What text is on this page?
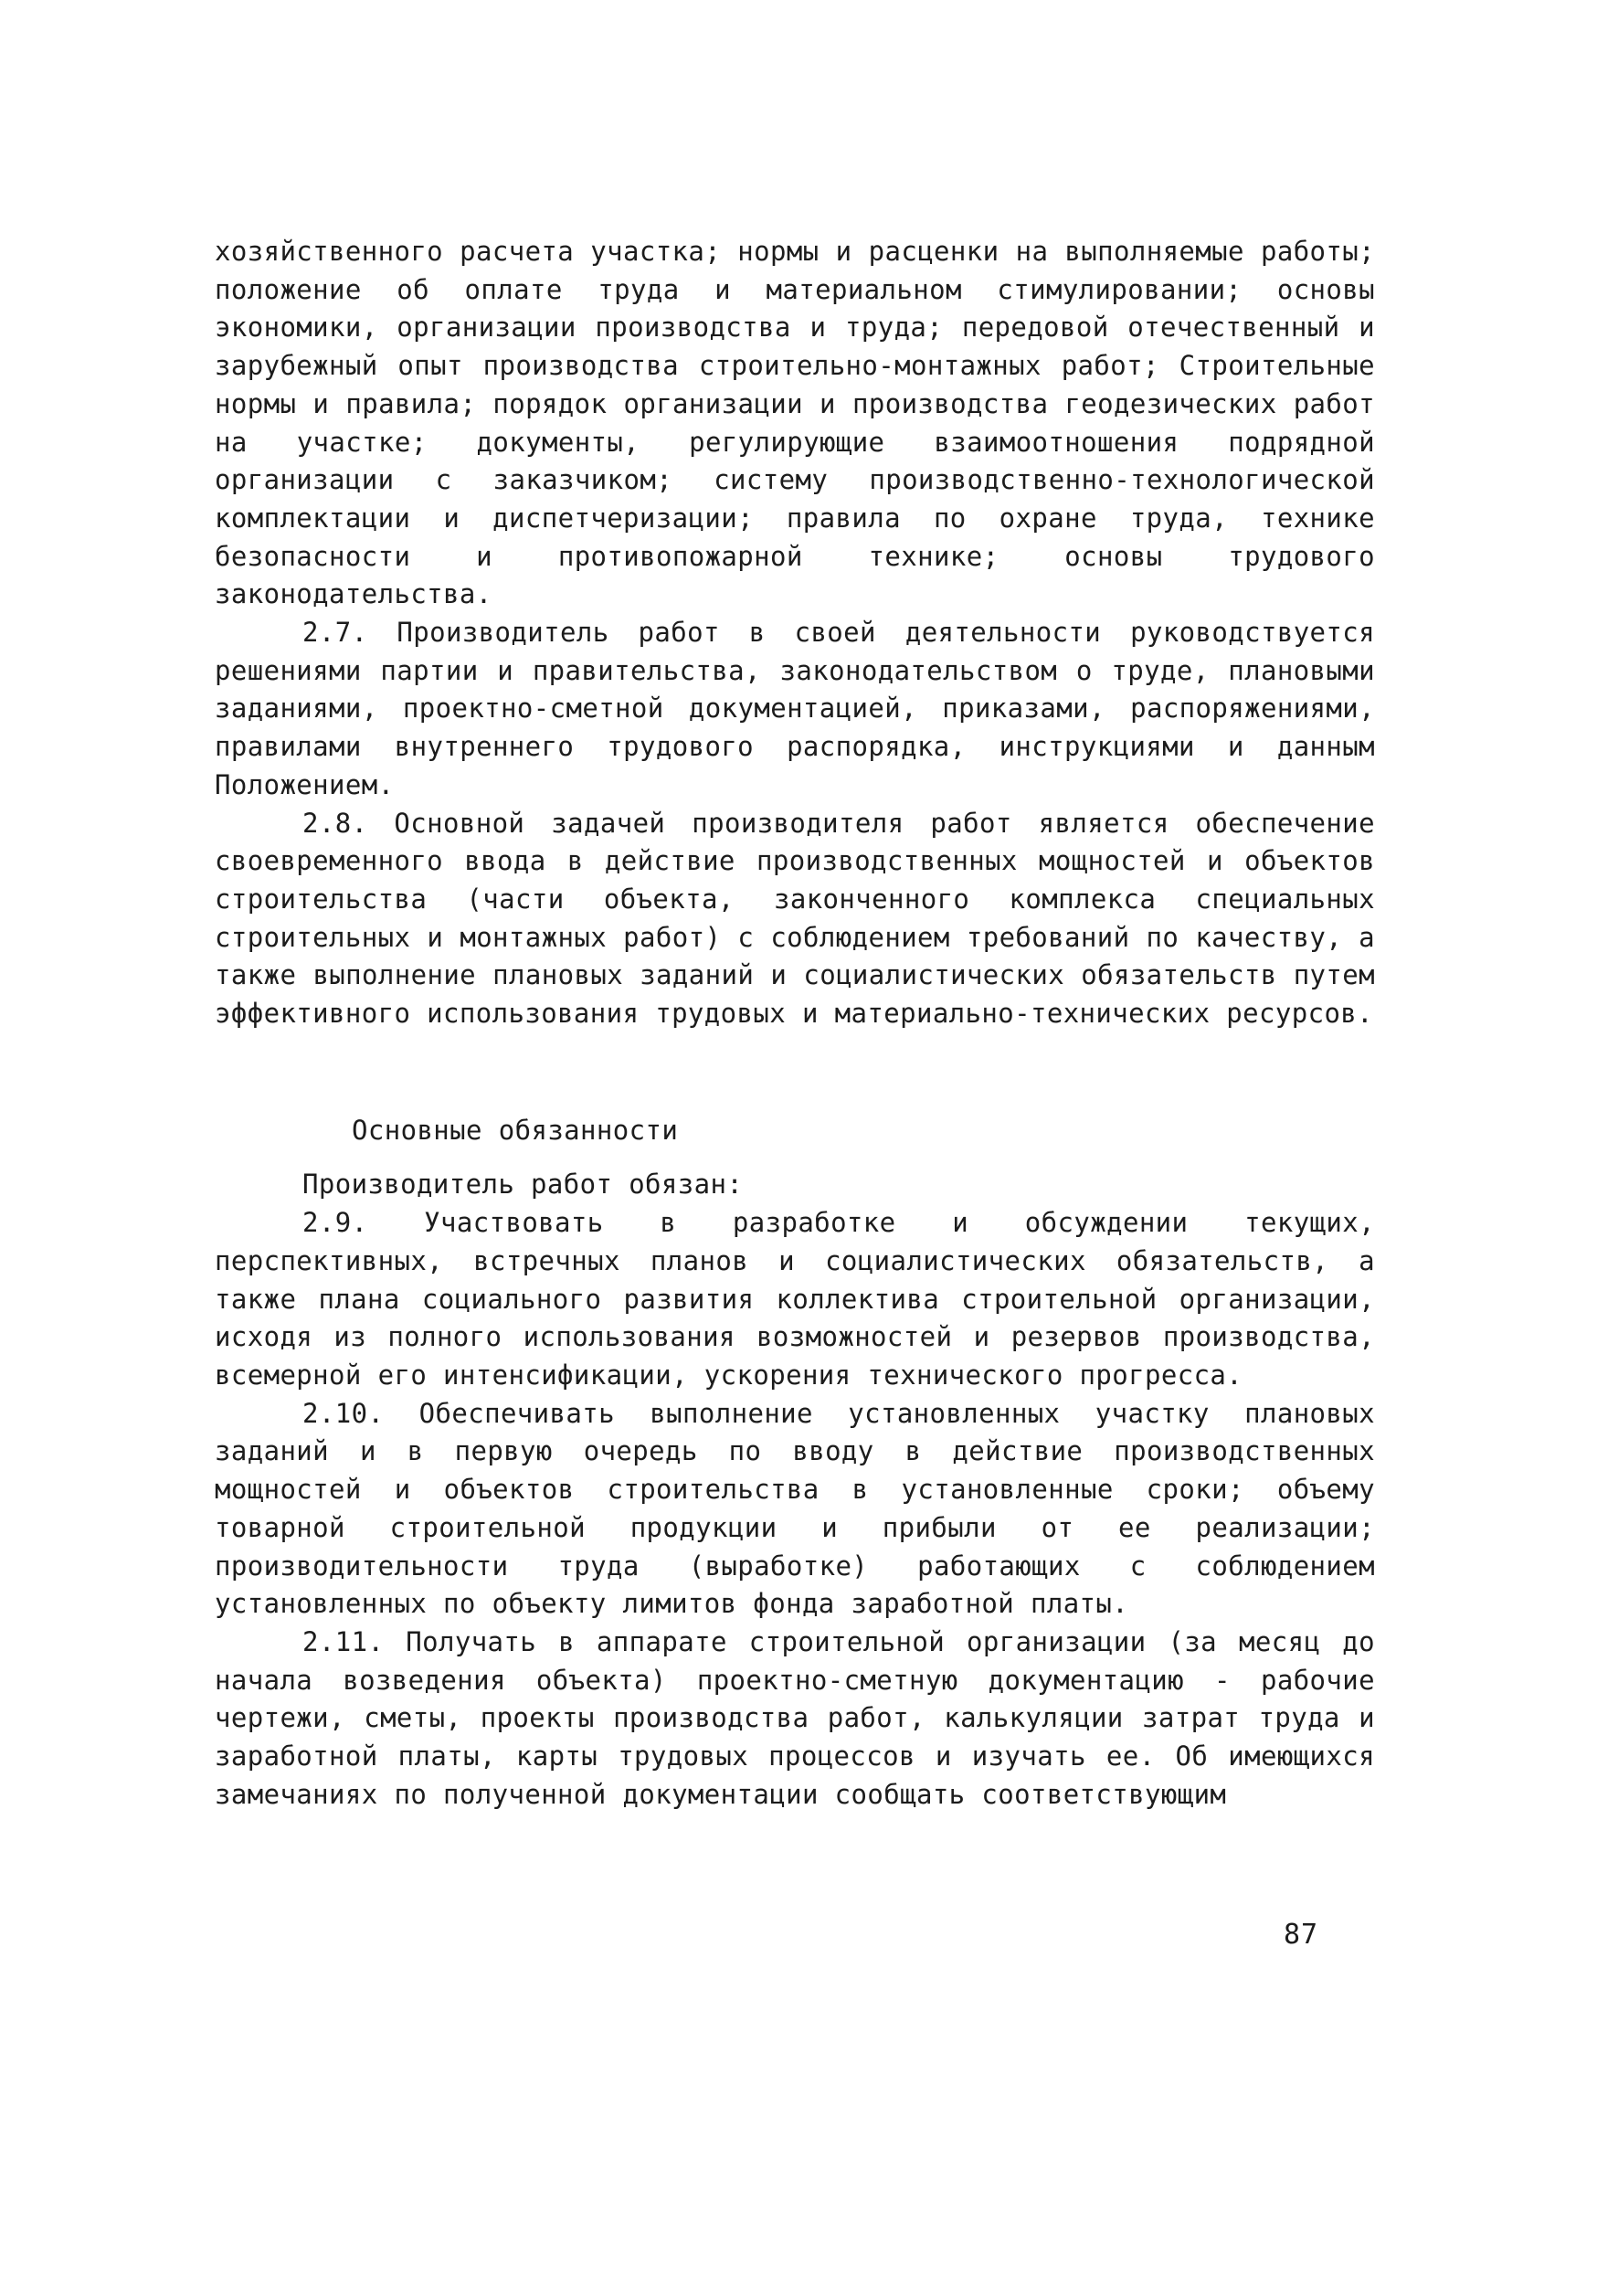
хозяйственного расчета участка; нормы и расценки на выполняемые работы; положение об оплате труда и материальном стимулировании; основы экономики, организации производства и труда; передовой отечественный и зарубежный опыт производства строительно-монтажных работ; Строительные нормы и правила; порядок организации и производства геодезических работ на участке; документы, регулирующие взаимоотношения подрядной организации с заказчиком; систему производственно-технологической комплектации и диспетчеризации; правила по охране труда, технике безопасности и противопожарной технике; основы трудового законодательства.

2.7. Производитель работ в своей деятельности руководствуется решениями партии и правительства, законодательством о труде, плановыми заданиями, проектно-сметной документацией, приказами, распоряжениями, правилами внутреннего трудового распорядка, инструкциями и данным Положением.

2.8. Основной задачей производителя работ является обеспечение своевременного ввода в действие производственных мощностей и объектов строительства (части объекта, законченного комплекса специальных строительных и монтажных работ) с соблюдением требований по качеству, а также выполнение плановых заданий и социалистических обязательств путем эффективного использования трудовых и материально-технических ресурсов.

Основные обязанности

Производитель работ обязан:

2.9. Участвовать в разработке и обсуждении текущих, перспективных, встречных планов и социалистических обязательств, а также плана социального развития коллектива строительной организации, исходя из полного использования возможностей и резервов производства, всемерной его интенсификации, ускорения технического прогресса.

2.10. Обеспечивать выполнение установленных участку плановых заданий и в первую очередь по вводу в действие производственных мощностей и объектов строительства в установленные сроки; объему товарной строительной продукции и прибыли от ее реализации; производительности труда (выработке) работающих с соблюдением установленных по объекту лимитов фонда заработной платы.

2.11. Получать в аппарате строительной организации (за месяц до начала возведения объекта) проектно-сметную документацию - рабочие чертежи, сметы, проекты производства работ, калькуляции затрат труда и заработной платы, карты трудовых процессов и изучать ее. Об имеющихся замечаниях по полученной документации сообщать соответствующим

87
